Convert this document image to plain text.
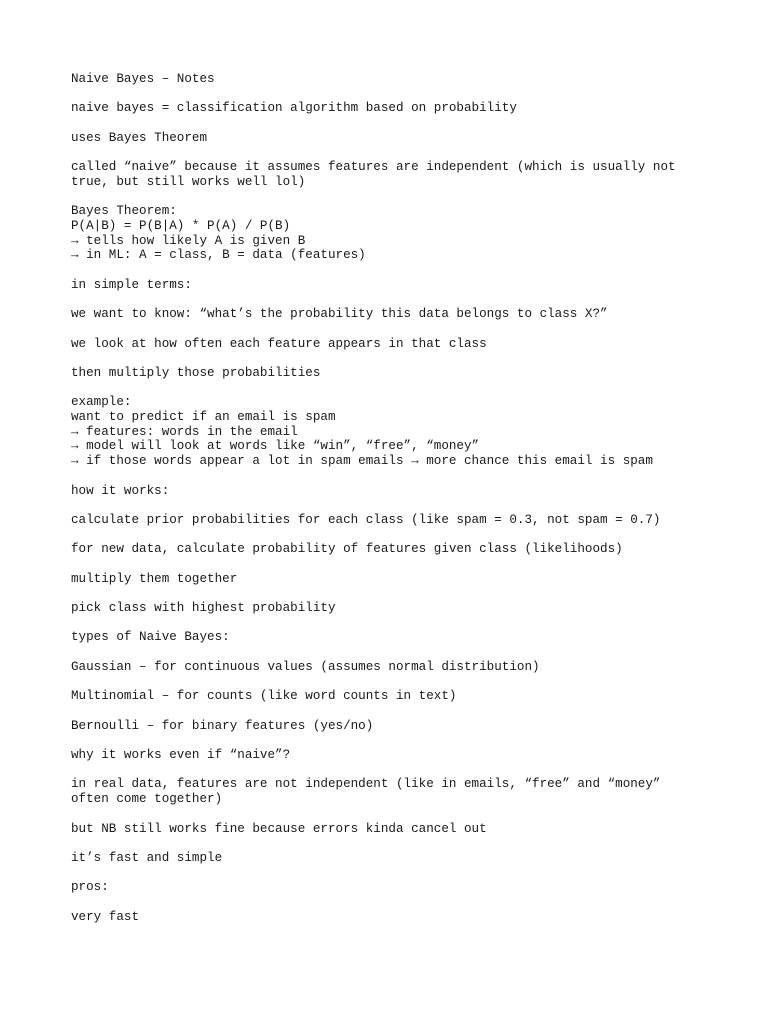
Naive Bayes – Notes
naive bayes = classification algorithm based on probability
uses Bayes Theorem
called “naive” because it assumes features are independent (which is usually not
true, but still works well lol)
Bayes Theorem:
P(A|B) = P(B|A) * P(A) / P(B)
→ tells how likely A is given B
→ in ML: A = class, B = data (features)
in simple terms:
we want to know: “what’s the probability this data belongs to class X?”
we look at how often each feature appears in that class
then multiply those probabilities
example:
want to predict if an email is spam
→ features: words in the email
→ model will look at words like “win”, “free”, “money”
→ if those words appear a lot in spam emails → more chance this email is spam
how it works:
calculate prior probabilities for each class (like spam = 0.3, not spam = 0.7)
for new data, calculate probability of features given class (likelihoods)
multiply them together
pick class with highest probability
types of Naive Bayes:
Gaussian – for continuous values (assumes normal distribution)
Multinomial – for counts (like word counts in text)
Bernoulli – for binary features (yes/no)
why it works even if “naive”?
in real data, features are not independent (like in emails, “free” and “money”
often come together)
but NB still works fine because errors kinda cancel out
it’s fast and simple
pros:
very fast
